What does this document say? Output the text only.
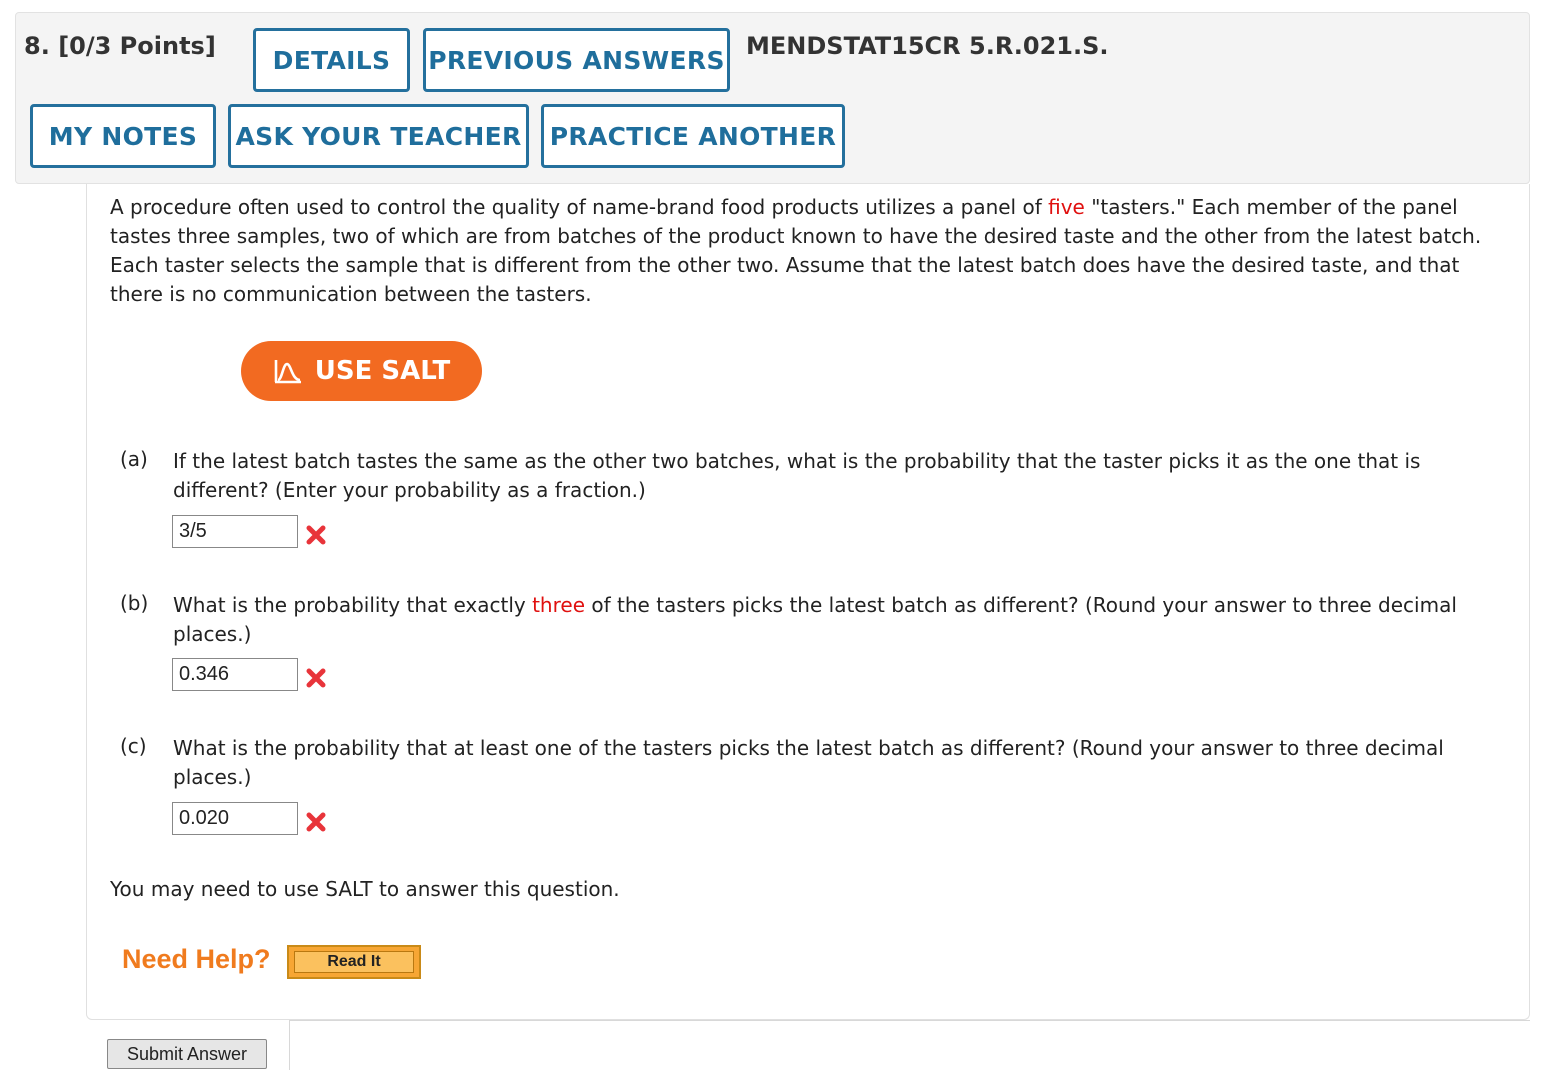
8. [0/3 Points]	DETAILS	PREVIOUS ANSWERS MENDSTAT15CR 5.R.021.S.
MY NOTES	ASK YOUR TEACHER	PRACTICE ANOTHER
A procedure often used to control the quality of name-brand food products utilizes a panel of five "tasters." Each member of the panel tastes three samples, two of which are from batches of the product known to have the desired taste and the other from the latest batch. Each taster selects the sample that is different from the other two. Assume that the latest batch does have the desired taste, and that there is no communication between the tasters.
USE SALT
(a) If the latest batch tastes the same as the other two batches, what is the probability that the taster picks it as the one that is different? (Enter your probability as a fraction.)
3/5
(b) What is the probability that exactly three of the tasters picks the latest batch as different? (Round your answer to three decimal places.)
0.346
(c) What is the probability that at least one of the tasters picks the latest batch as different? (Round your answer to three decimal places.)
0.020
You may need to use SALT to answer this question.
Need Help?	Read It
Submit Answer
